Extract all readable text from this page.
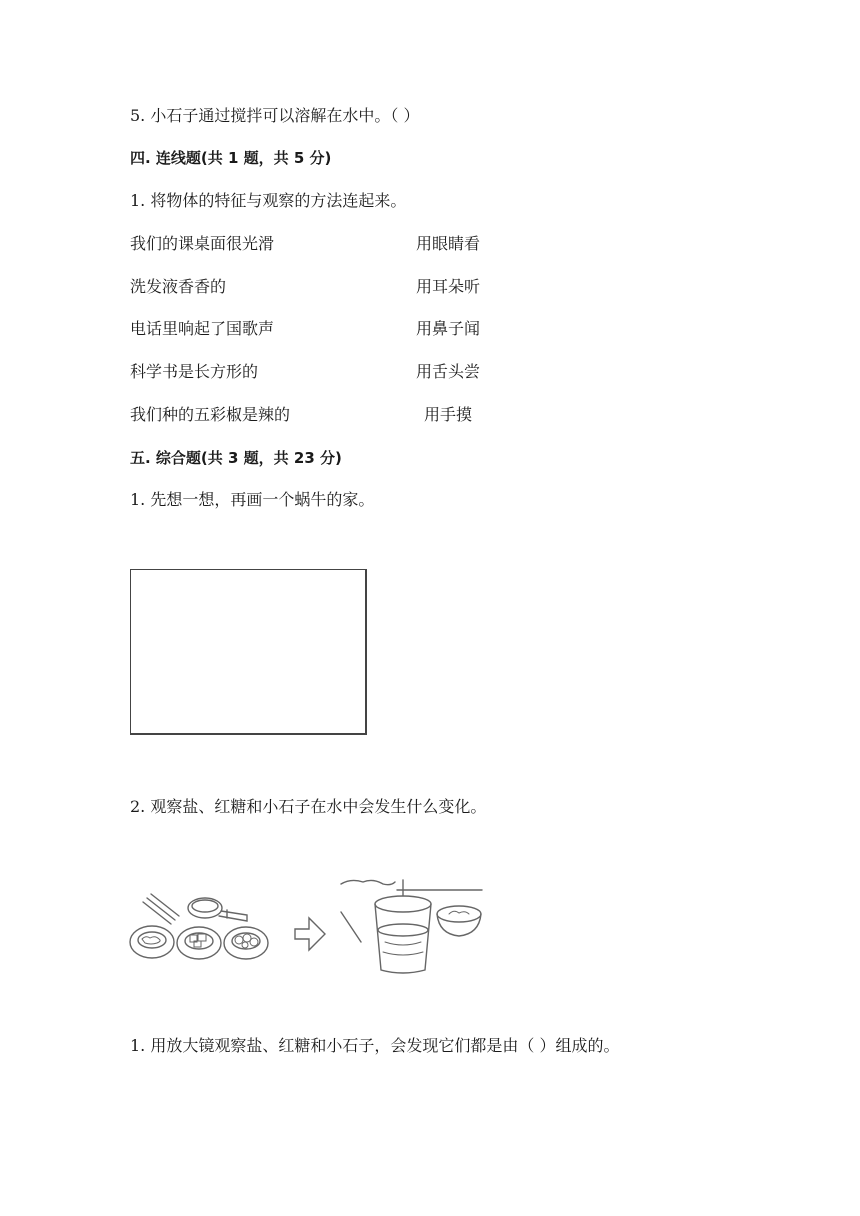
5. 小石子通过搅拌可以溶解在水中。（ ）
四. 连线题(共 1 题，共 5 分)
1. 将物体的特征与观察的方法连起来。
我们的课桌面很光滑
洗发液香香的
电话里响起了国歌声
科学书是长方形的
我们种的五彩椒是辣的
用眼睛看
用耳朵听
用鼻子闻
用舌头尝
用手摸
五. 综合题(共 3 题，共 23 分)
1. 先想一想，再画一个蜗牛的家。
2. 观察盐、红糖和小石子在水中会发生什么变化。
1. 用放大镜观察盐、红糖和小石子，会发现它们都是由（ ）组成的。
